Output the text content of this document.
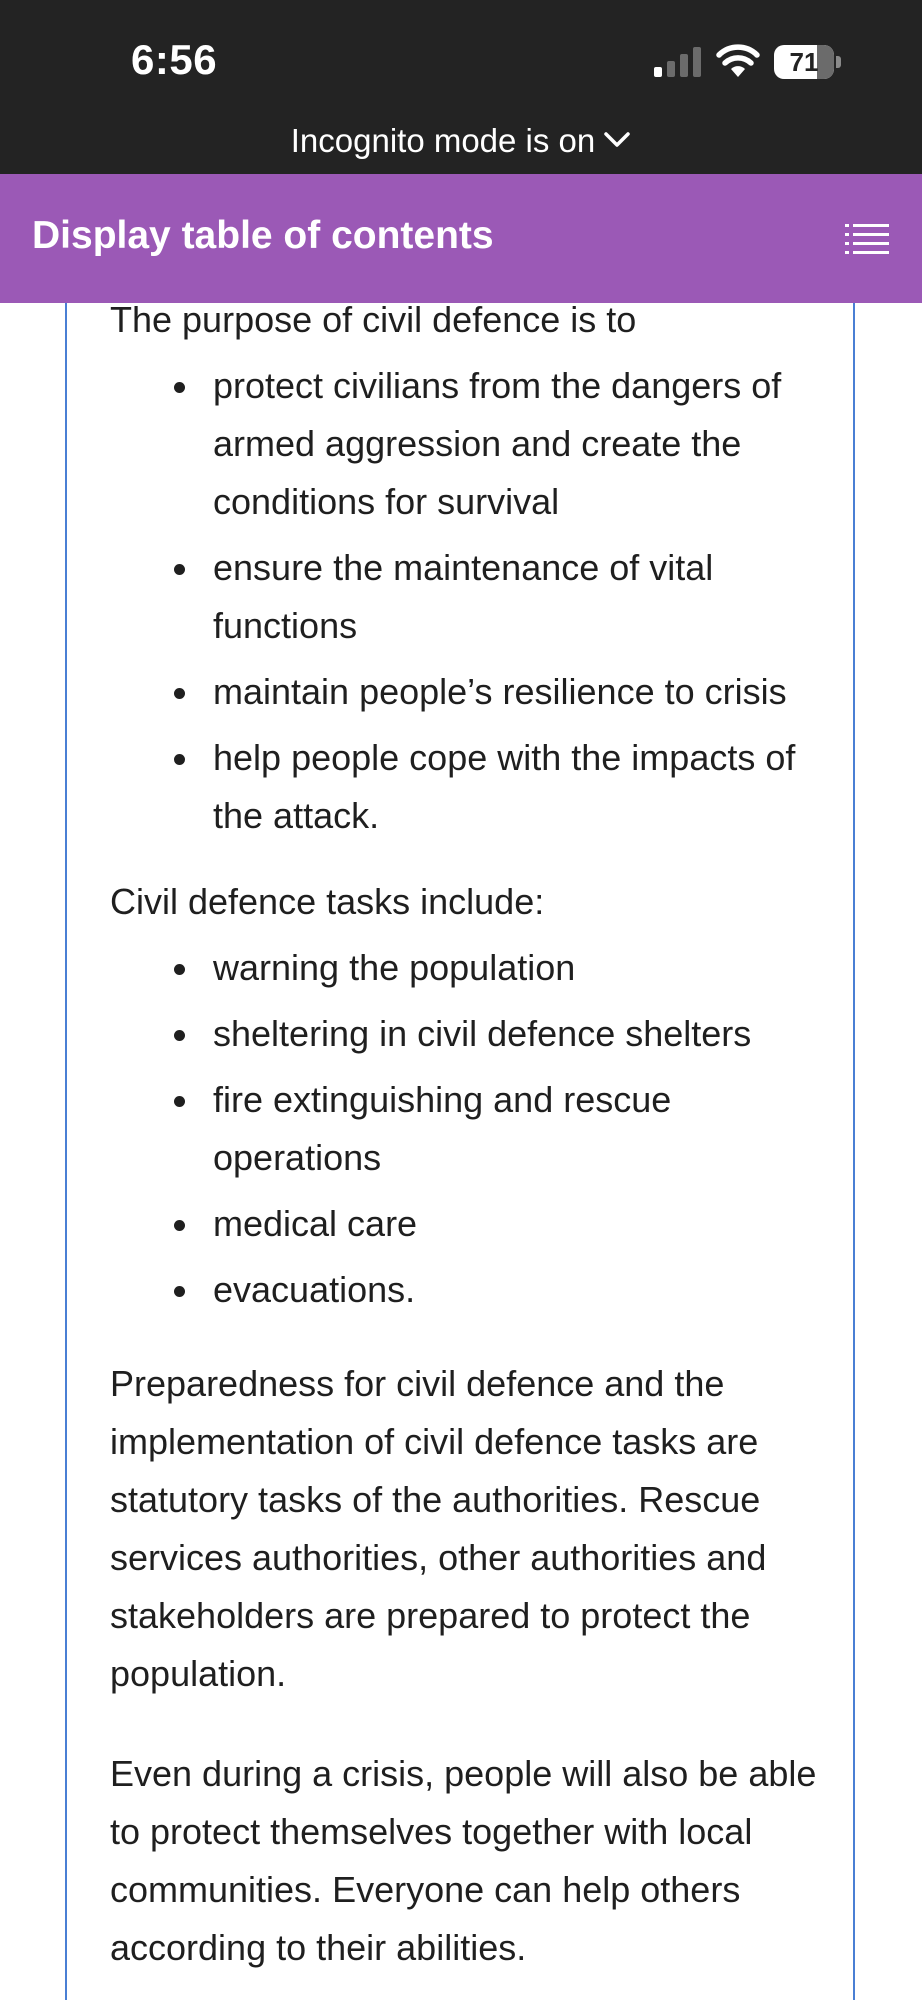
6:56	71
Incognito mode is on
Display table of contents

The purpose of civil defence is to

protect civilians from the dangers of armed aggression and create the conditions for survival
ensure the maintenance of vital functions
maintain people’s resilience to crisis
help people cope with the impacts of the attack.

Civil defence tasks include:

warning the population
sheltering in civil defence shelters
fire extinguishing and rescue operations
medical care
evacuations.

Preparedness for civil defence and the implementation of civil defence tasks are statutory tasks of the authorities. Rescue services authorities, other authorities and stakeholders are prepared to protect the population.

Even during a crisis, people will also be able to protect themselves together with local communities. Everyone can help others according to their abilities.
